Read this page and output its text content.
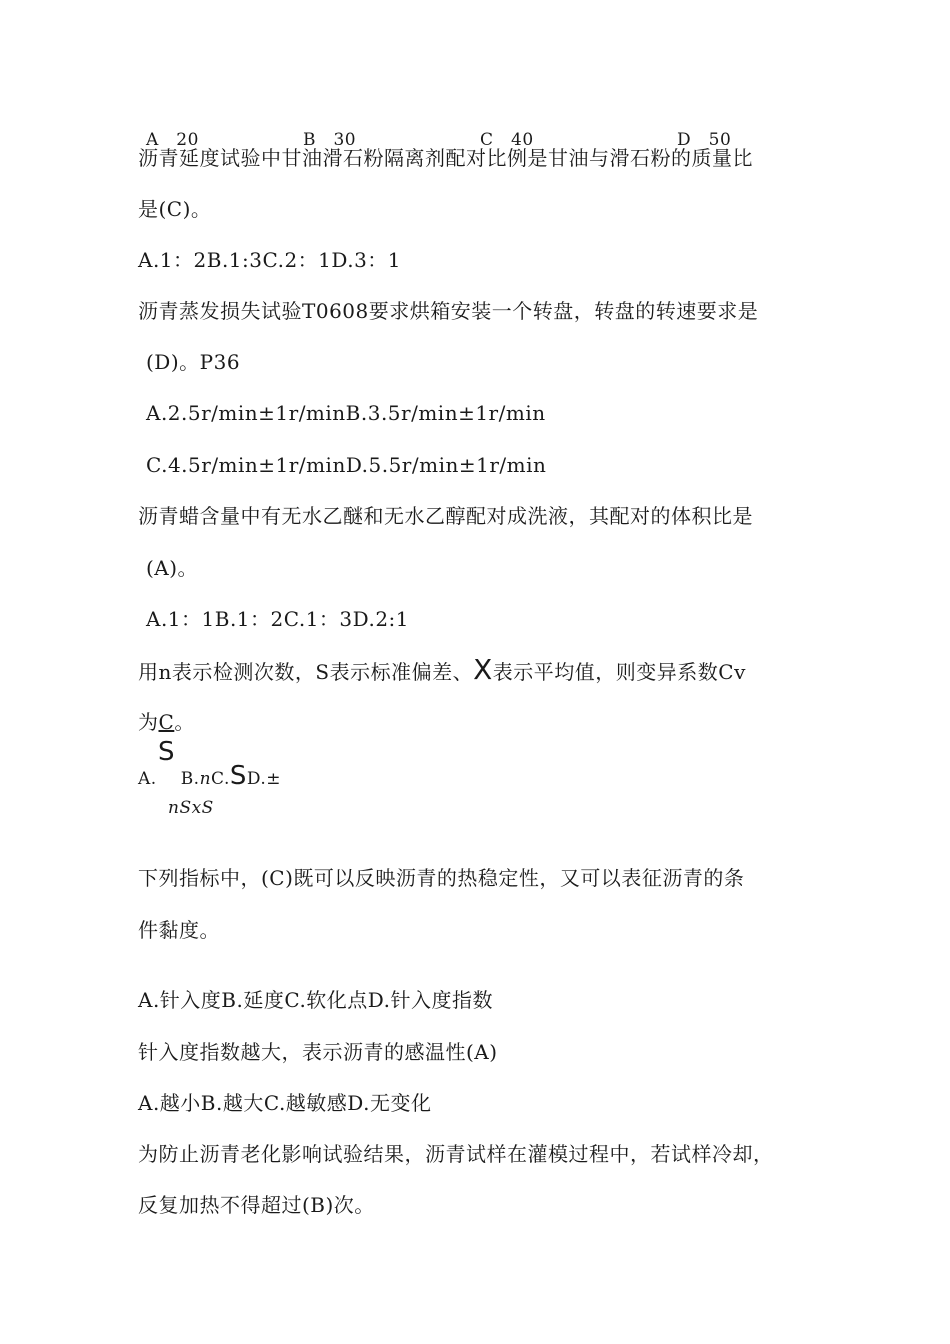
A　20	B　30	C　40	D　50
沥青延度试验中甘油滑石粉隔离剂配对比例是甘油与滑石粉的质量比
是(C)。
A.1：2B.1:3C.2：1D.3：1
沥青蒸发损失试验T0608要求烘箱安装一个转盘，转盘的转速要求是
(D)。P36
A.2.5r/min±1r/minB.3.5r/min±1r/min
C.4.5r/min±1r/minD.5.5r/min±1r/min
沥青蜡含量中有无水乙醚和无水乙醇配对成洗液，其配对的体积比是
(A)。
A.1：1B.1：2C.1：3D.2:1
用n表示检测次数，S表示标准偏差、X表示平均值，则变异系数Cv
为C。
S
A. B.nC.SD.±
nSxS
下列指标中，(C)既可以反映沥青的热稳定性，又可以表征沥青的条
件黏度。
A.针入度B.延度C.软化点D.针入度指数
针入度指数越大，表示沥青的感温性(A)
A.越小B.越大C.越敏感D.无变化
为防止沥青老化影响试验结果，沥青试样在灌模过程中，若试样冷却，
反复加热不得超过(B)次。
